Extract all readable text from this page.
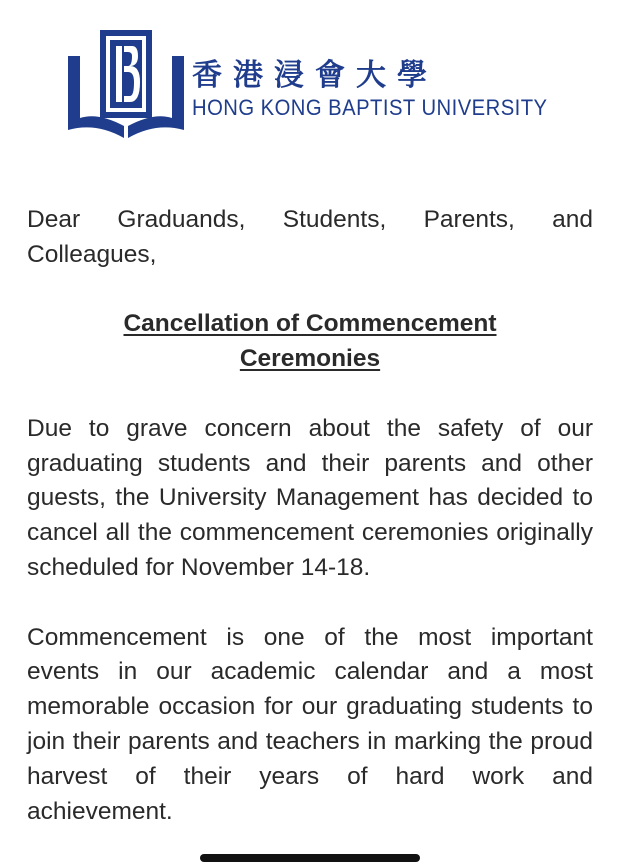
香港浸會大學
HONG KONG BAPTIST UNIVERSITY

Dear Graduands, Students, Parents, and Colleagues,

Cancellation of Commencement Ceremonies

Due to grave concern about the safety of our graduating students and their parents and other guests, the University Management has decided to cancel all the commencement ceremonies originally scheduled for November 14-18.

Commencement is one of the most important events in our academic calendar and a most memorable occasion for our graduating students to join their parents and teachers in marking the proud harvest of their years of hard work and achievement.
